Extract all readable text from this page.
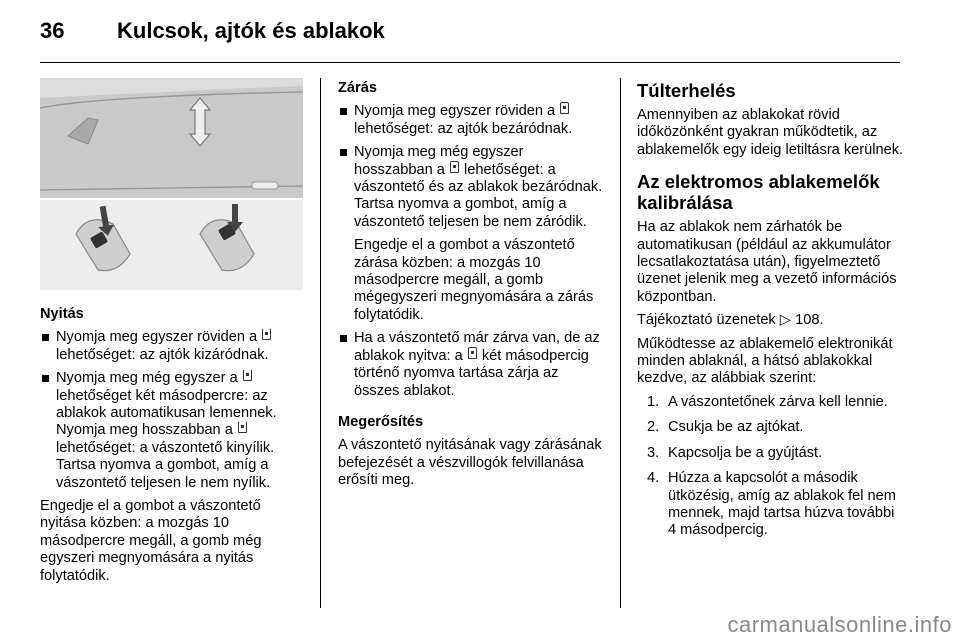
36 Kulcsok, ajtók és ablakok

Nyitás

Nyomja meg egyszer röviden a  lehetőséget: az ajtók kizáródnak.
Nyomja meg még egyszer a  lehetőséget két másodpercre: az ablakok automatikusan lemennek. Nyomja meg hosszabban a  lehetőséget: a vászontető kinyílik. Tartsa nyomva a gombot, amíg a vászontető teljesen le nem nyílik.

Engedje el a gombot a vászontető nyitása közben: a mozgás 10 másodpercre megáll, a gomb még egyszeri megnyomására a nyitás folytatódik.

Zárás

Nyomja meg egyszer röviden a  lehetőséget: az ajtók bezáródnak.
Nyomja meg még egyszer hosszabban a lehetőséget: a vászontető és az ablakok bezáródnak. Tartsa nyomva a gombot, amíg a vászontető teljesen be nem záródik.

Engedje el a gombot a vászontető zárása közben: a mozgás 10 másodpercre megáll, a gomb mégegyszeri megnyomására a zárás folytatódik.

Ha a vászontető már zárva van, de az ablakok nyitva: a két másodpercig történő nyomva tartása zárja az összes ablakot.

Megerősítés

A vászontető nyitásának vagy zárásának befejezését a vészvillogók felvillanása erősíti meg.

Túlterhelés

Amennyiben az ablakokat rövid időközönként gyakran működtetik, az ablakemelők egy ideig letiltásra kerülnek.

Az elektromos ablakemelők kalibrálása

Ha az ablakok nem zárhatók be automatikusan (például az akkumulátor lecsatlakoztatása után), figyelmeztető üzenet jelenik meg a vezető információs központban.

Tájékoztató üzenetek ▷ 108.

Működtesse az ablakemelő elektronikát minden ablaknál, a hátsó ablakokkal kezdve, az alábbiak szerint:

1. A vászontetőnek zárva kell lennie.
2. Csukja be az ajtókat.
3. Kapcsolja be a gyújtást.
4. Húzza a kapcsolót a második ütközésig, amíg az ablakok fel nem mennek, majd tartsa húzva további 4 másodpercig.
carmanualsonline.info
